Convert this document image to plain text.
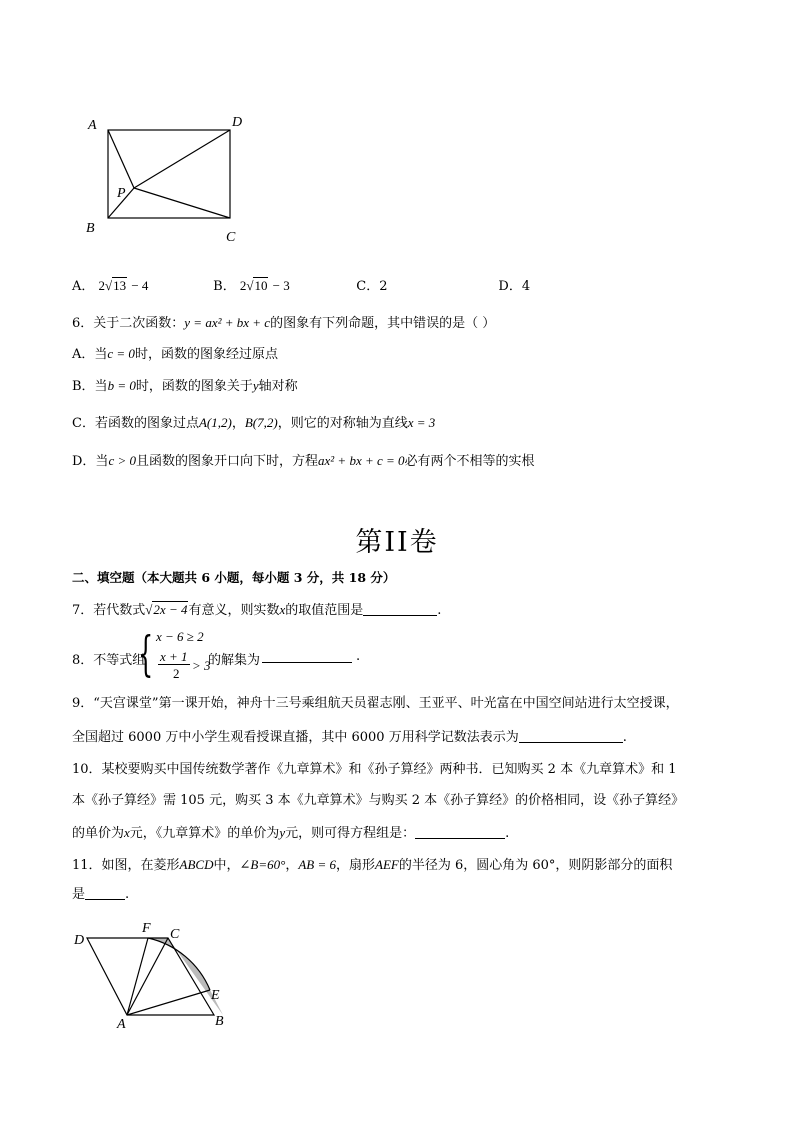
A	D
P
B
C
A． 2√13 − 4	B． 2√10 − 3	C．2	D．4
6．关于二次函数：y = ax² + bx + c的图象有下列命题，其中错误的是（ ）
A．当c = 0时，函数的图象经过原点
B．当b = 0时，函数的图象关于y轴对称
C．若函数的图象过点A(1,2)，B(7,2)，则它的对称轴为直线x = 3
D．当c > 0且函数的图象开口向下时，方程ax² + bx + c = 0必有两个不相等的实根
第II卷
二、填空题（本大题共 6 小题，每小题 3 分，共 18 分）
7．若代数式√2x − 4有意义，则实数x的取值范围是	.
8．不等式组
{ x − 6 ≥ 2
x + 1
2
> 3
的解集为	.
9．“天宫课堂”第一课开始，神舟十三号乘组航天员翟志刚、王亚平、叶光富在中国空间站进行太空授课，
全国超过 6000 万中小学生观看授课直播，其中 6000 万用科学记数法表示为	.
10．某校要购买中国传统数学著作《九章算术》和《孙子算经》两种书．已知购买 2 本《九章算术》和 1
本《孙子算经》需 105 元，购买 3 本《九章算术》与购买 2 本《孙子算经》的价格相同，设《孙子算经》
的单价为x元，《九章算术》的单价为y元，则可得方程组是：	.
11．如图，在菱形ABCD中，∠B=60°，AB = 6，扇形AEF的半径为 6，圆心角为 60°，则阴影部分的面积
是	.
D
F C
E
A	B
